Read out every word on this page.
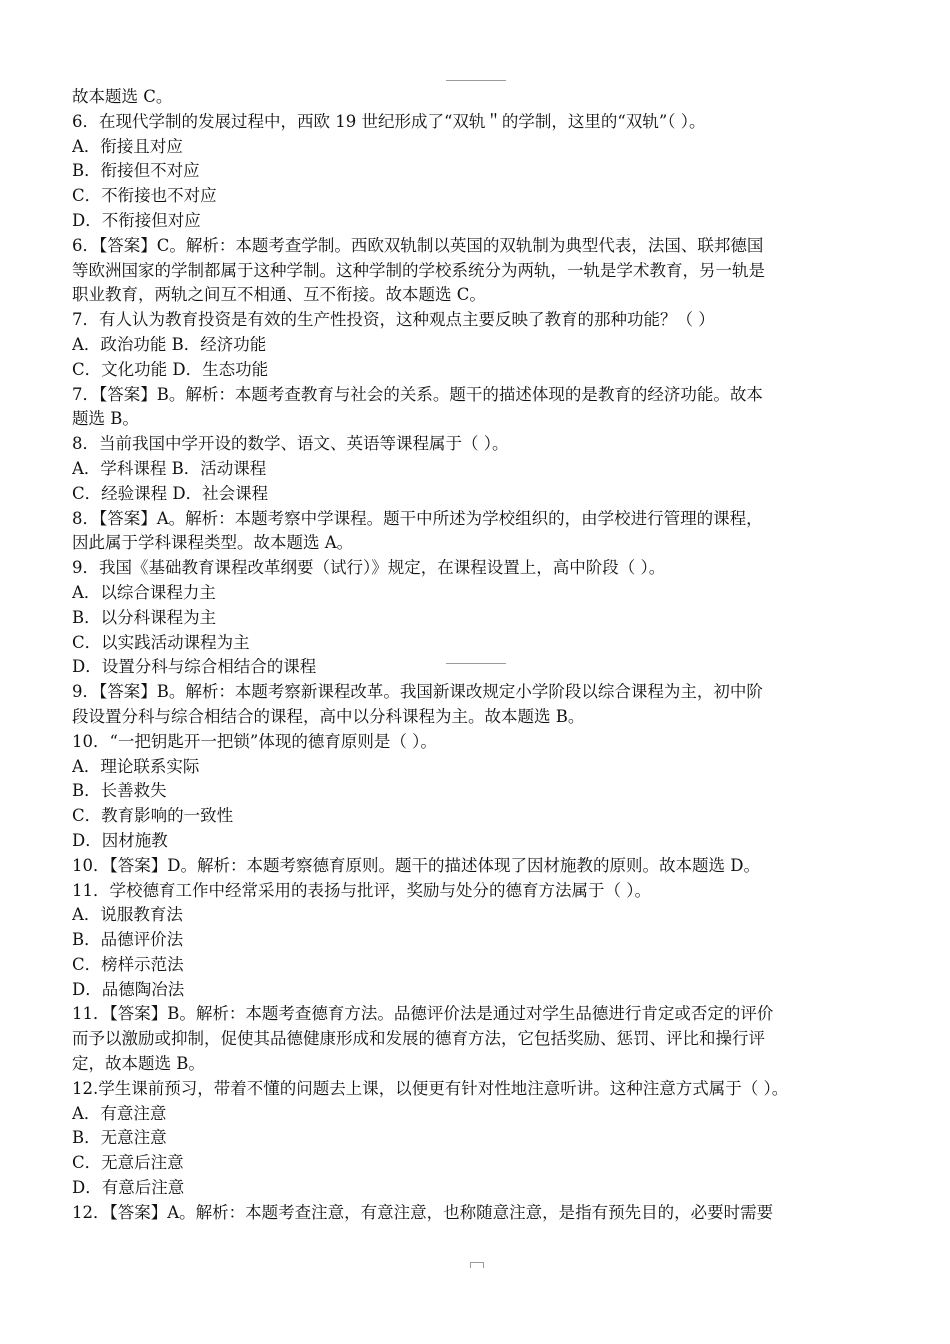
故本题选 C。
6．在现代学制的发展过程中，西欧 19 世纪形成了“双轨＂的学制，这里的“双轨”（ ）。
A．衔接且对应
B．衔接但不对应
C．不衔接也不对应
D．不衔接但对应
6．【答案】C。解析：本题考查学制。西欧双轨制以英国的双轨制为典型代表，法国、联邦德国
等欧洲国家的学制都属于这种学制。这种学制的学校系统分为两轨，一轨是学术教育，另一轨是
职业教育，两轨之间互不相通、互不衔接。故本题选 C。
7．有人认为教育投资是有效的生产性投资，这种观点主要反映了教育的那种功能？（ ）
A．政治功能 B．经济功能
C．文化功能 D．生态功能
7．【答案】B。解析：本题考查教育与社会的关系。题干的描述体现的是教育的经济功能。故本
题选 B。
8．当前我国中学开设的数学、语文、英语等课程属于（ ）。
A．学科课程 B．活动课程
C．经验课程 D．社会课程
8．【答案】A。解析：本题考察中学课程。题干中所述为学校组织的，由学校进行管理的课程，
因此属于学科课程类型。故本题选 A。
9．我国《基础教育课程改革纲要（试行）》规定，在课程设置上，高中阶段（ ）。
A．以综合课程力主
B．以分科课程为主
C．以实践活动课程为主
D．设置分科与综合相结合的课程
9．【答案】B。解析：本题考察新课程改革。我国新课改规定小学阶段以综合课程为主，初中阶
段设置分科与综合相结合的课程，高中以分科课程为主。故本题选 B。
10．“一把钥匙开一把锁”体现的德育原则是（ ）。
A．理论联系实际
B．长善救失
C．教育影响的一致性
D．因材施教
10．【答案】D。解析：本题考察德育原则。题干的描述体现了因材施教的原则。故本题选 D。
11．学校德育工作中经常采用的表扬与批评，奖励与处分的德育方法属于（ ）。
A．说服教育法
B．品德评价法
C．榜样示范法
D．品德陶冶法
11．【答案】B。解析：本题考查德育方法。品德评价法是通过对学生品德进行肯定或否定的评价
而予以激励或抑制，促使其品德健康形成和发展的德育方法，它包括奖励、惩罚、评比和操行评
定，故本题选 B。
12.学生课前预习，带着不懂的问题去上课，以便更有针对性地注意听讲。这种注意方式属于（ ）。
A．有意注意
B．无意注意
C．无意后注意
D．有意后注意
12．【答案】A。解析：本题考查注意，有意注意，也称随意注意，是指有预先目的，必要时需要
